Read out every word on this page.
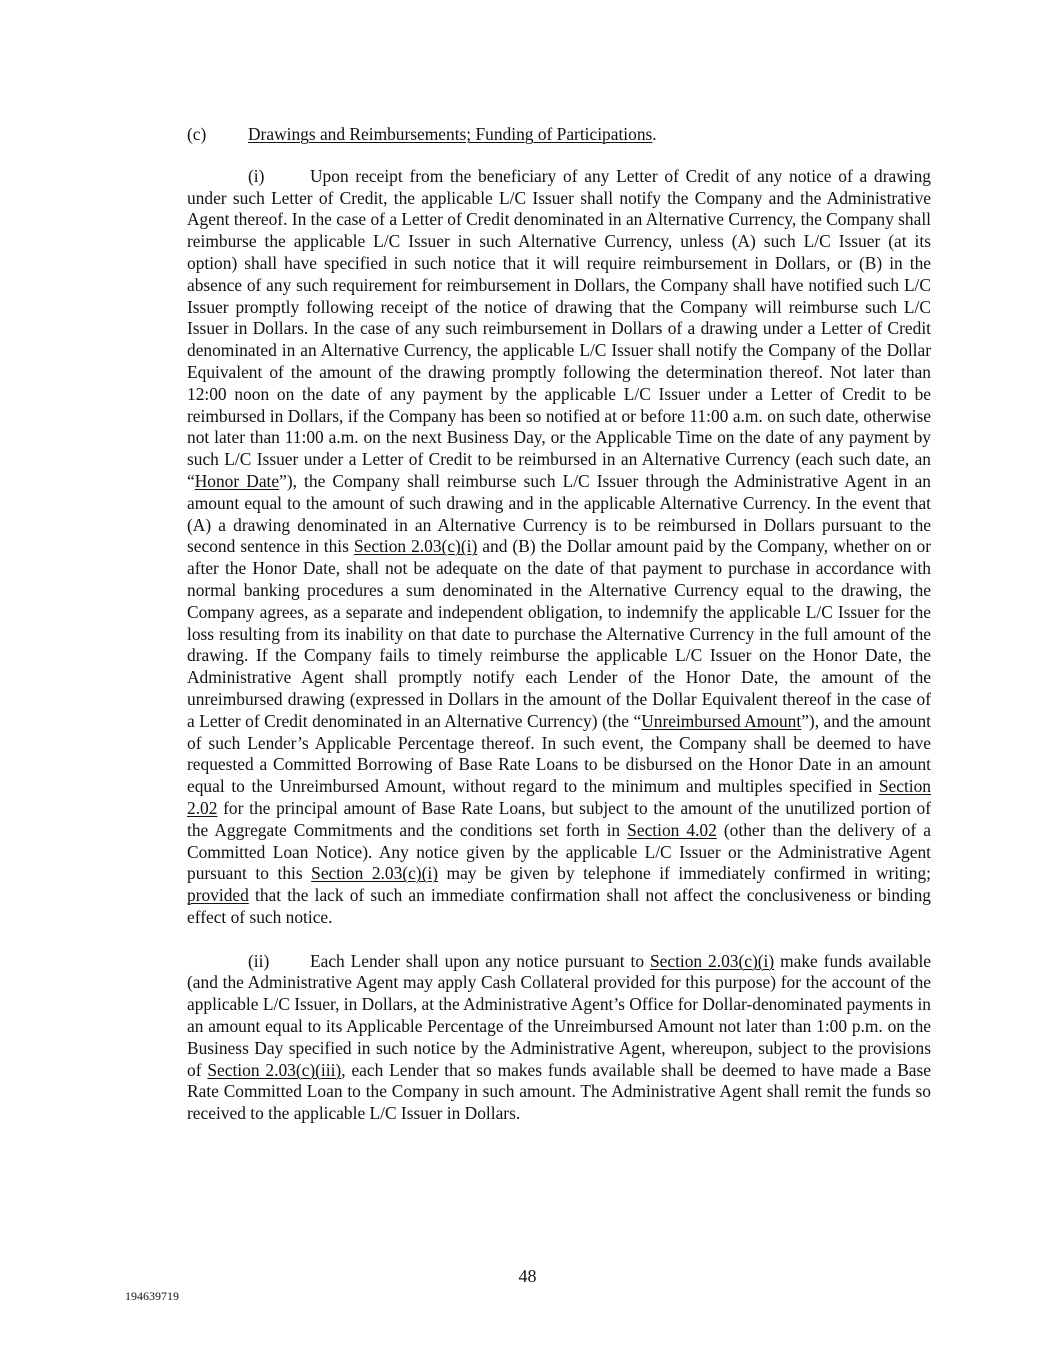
(c) Drawings and Reimbursements; Funding of Participations.

(i)	Upon receipt from the beneficiary of any Letter of Credit of any notice of a drawing under such Letter of Credit, the applicable L/C Issuer shall notify the Company and the Administrative Agent thereof. In the case of a Letter of Credit denominated in an Alternative Currency, the Company shall reimburse the applicable L/C Issuer in such Alternative Currency, unless (A) such L/C Issuer (at its option) shall have specified in such notice that it will require reimbursement in Dollars, or (B) in the absence of any such requirement for reimbursement in Dollars, the Company shall have notified such L/C Issuer promptly following receipt of the notice of drawing that the Company will reimburse such L/C Issuer in Dollars. In the case of any such reimbursement in Dollars of a drawing under a Letter of Credit denominated in an Alternative Currency, the applicable L/C Issuer shall notify the Company of the Dollar Equivalent of the amount of the drawing promptly following the determination thereof. Not later than 12:00 noon on the date of any payment by the applicable L/C Issuer under a Letter of Credit to be reimbursed in Dollars, if the Company has been so notified at or before 11:00 a.m. on such date, otherwise not later than 11:00 a.m. on the next Business Day, or the Applicable Time on the date of any payment by such L/C Issuer under a Letter of Credit to be reimbursed in an Alternative Currency (each such date, an “Honor Date”), the Company shall reimburse such L/C Issuer through the Administrative Agent in an amount equal to the amount of such drawing and in the applicable Alternative Currency. In the event that (A) a drawing denominated in an Alternative Currency is to be reimbursed in Dollars pursuant to the second sentence in this Section 2.03(c)(i) and (B) the Dollar amount paid by the Company, whether on or after the Honor Date, shall not be adequate on the date of that payment to purchase in accordance with normal banking procedures a sum denominated in the Alternative Currency equal to the drawing, the Company agrees, as a separate and independent obligation, to indemnify the applicable L/C Issuer for the loss resulting from its inability on that date to purchase the Alternative Currency in the full amount of the drawing. If the Company fails to timely reimburse the applicable L/C Issuer on the Honor Date, the Administrative Agent shall promptly notify each Lender of the Honor Date, the amount of the unreimbursed drawing (expressed in Dollars in the amount of the Dollar Equivalent thereof in the case of a Letter of Credit denominated in an Alternative Currency) (the “Unreimbursed Amount”), and the amount of such Lender’s Applicable Percentage thereof. In such event, the Company shall be deemed to have requested a Committed Borrowing of Base Rate Loans to be disbursed on the Honor Date in an amount equal to the Unreimbursed Amount, without regard to the minimum and multiples specified in Section 2.02 for the principal amount of Base Rate Loans, but subject to the amount of the unutilized portion of the Aggregate Commitments and the conditions set forth in Section 4.02 (other than the delivery of a Committed Loan Notice). Any notice given by the applicable L/C Issuer or the Administrative Agent pursuant to this Section 2.03(c)(i) may be given by telephone if immediately confirmed in writing; provided that the lack of such an immediate confirmation shall not affect the conclusiveness or binding effect of such notice.

(ii) Each Lender shall upon any notice pursuant to Section 2.03(c)(i) make funds available (and the Administrative Agent may apply Cash Collateral provided for this purpose) for the account of the applicable L/C Issuer, in Dollars, at the Administrative Agent’s Office for Dollar-denominated payments in an amount equal to its Applicable Percentage of the Unreimbursed Amount not later than 1:00 p.m. on the Business Day specified in such notice by the Administrative Agent, whereupon, subject to the provisions of Section 2.03(c)(iii), each Lender that so makes funds available shall be deemed to have made a Base Rate Committed Loan to the Company in such amount. The Administrative Agent shall remit the funds so received to the applicable L/C Issuer in Dollars.

48
194639719
